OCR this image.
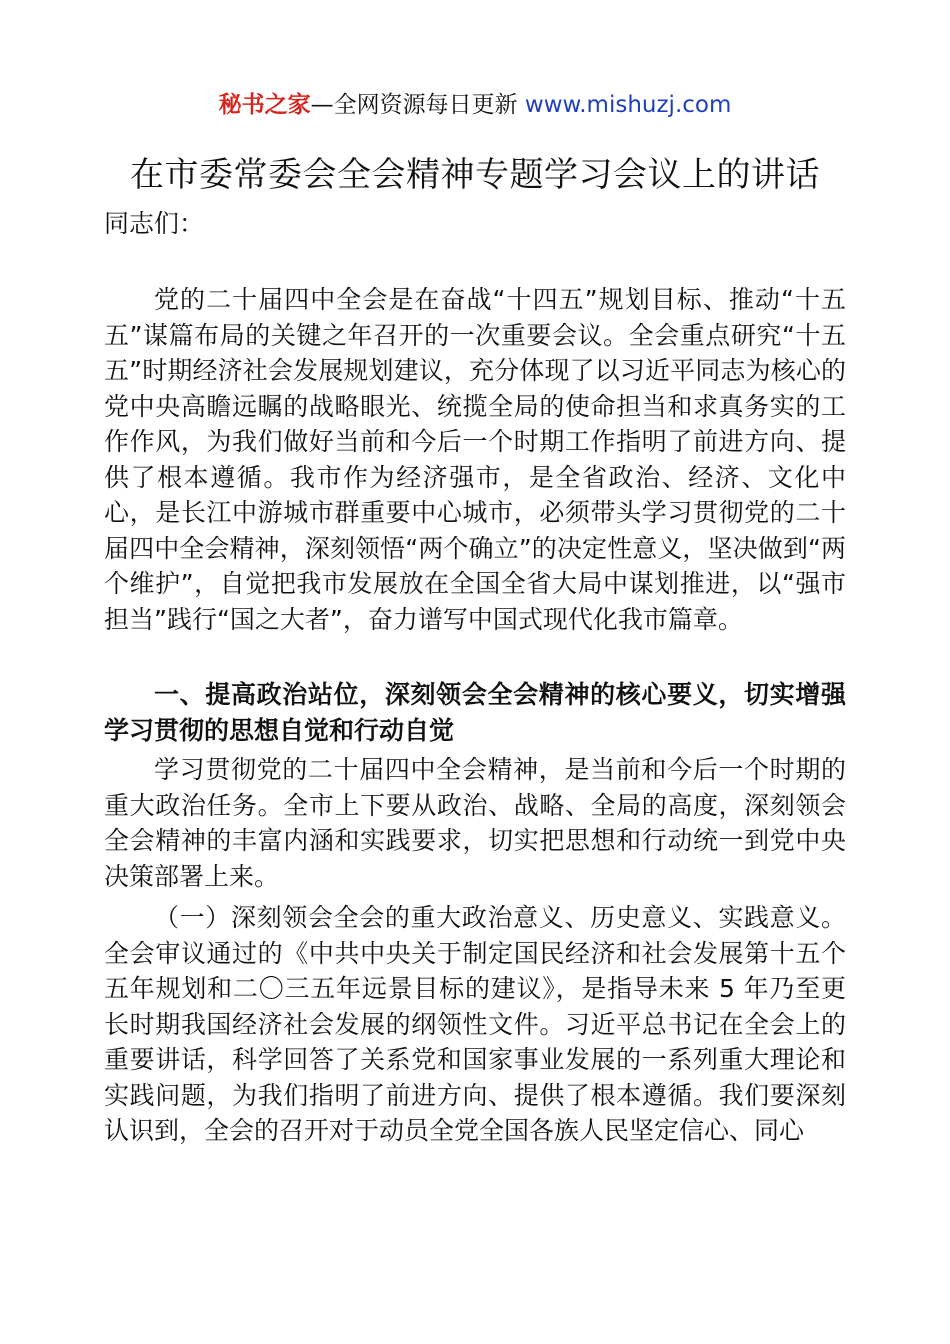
秘书之家—全网资源每日更新 www.mishuzj.com
在市委常委会全会精神专题学习会议上的讲话

同志们：

党的二十届四中全会是在奋战“十四五”规划目标、推动“十五五”谋篇布局的关键之年召开的一次重要会议。全会重点研究“十五五”时期经济社会发展规划建议，充分体现了以习近平同志为核心的党中央高瞻远瞩的战略眼光、统揽全局的使命担当和求真务实的工作作风，为我们做好当前和今后一个时期工作指明了前进方向、提供了根本遵循。我市作为经济强市，是全省政治、经济、文化中心，是长江中游城市群重要中心城市，必须带头学习贯彻党的二十届四中全会精神，深刻领悟“两个确立”的决定性意义，坚决做到“两个维护”，自觉把我市发展放在全国全省大局中谋划推进，以“强市担当”践行“国之大者”，奋力谱写中国式现代化我市篇章。

一、提高政治站位，深刻领会全会精神的核心要义，切实增强学习贯彻的思想自觉和行动自觉

学习贯彻党的二十届四中全会精神，是当前和今后一个时期的重大政治任务。全市上下要从政治、战略、全局的高度，深刻领会全会精神的丰富内涵和实践要求，切实把思想和行动统一到党中央决策部署上来。

（一）深刻领会全会的重大政治意义、历史意义、实践意义。全会审议通过的《中共中央关于制定国民经济和社会发展第十五个五年规划和二〇三五年远景目标的建议》，是指导未来 5 年乃至更长时期我国经济社会发展的纲领性文件。习近平总书记在全会上的重要讲话，科学回答了关系党和国家事业发展的一系列重大理论和实践问题，为我们指明了前进方向、提供了根本遵循。我们要深刻认识到，全会的召开对于动员全党全国各族人民坚定信心、同心
